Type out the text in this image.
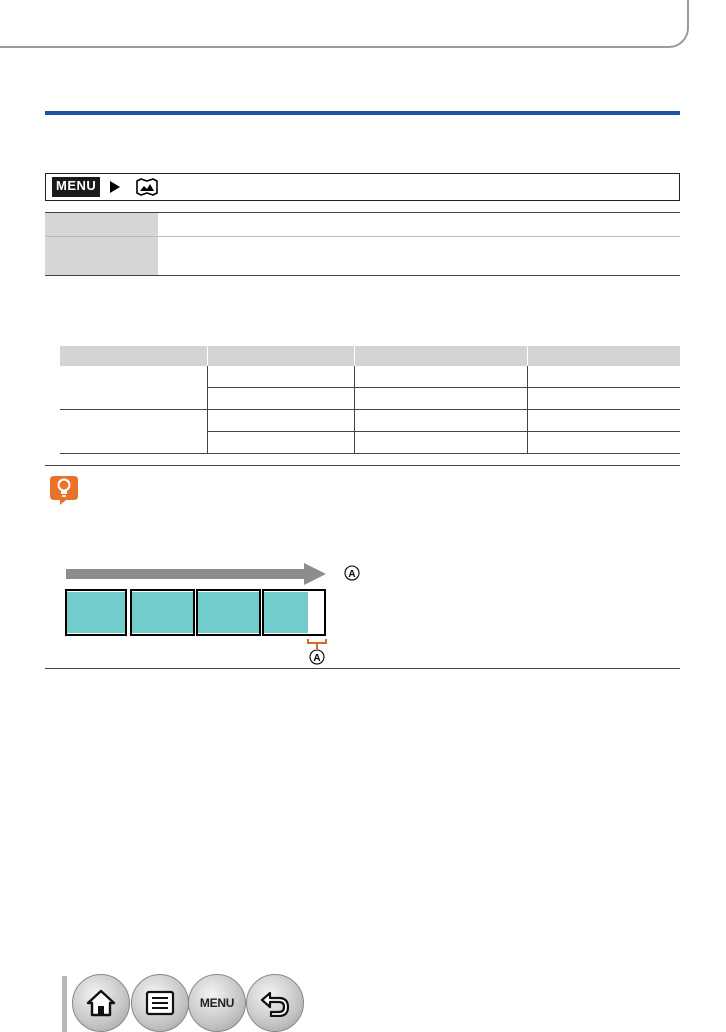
MENU

A
A
MENU
